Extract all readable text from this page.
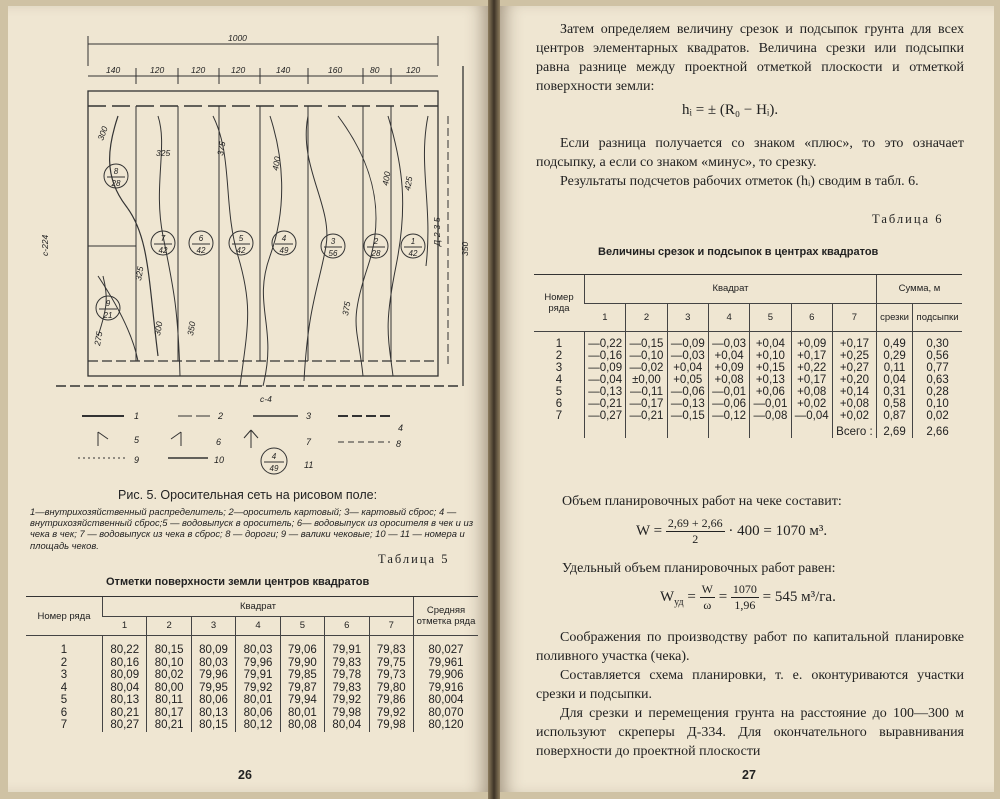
1000
140	120	120	120	140	160	80	120
350
c-224	Д-2-3-5
300
325	375
400
400 425
325
275
300 350
375
c-4
8
28
7
42
6
42
5
42
4
49
3
56
2
28
1
42
9
21
4
49
1	2	3
4
5	6	7	8
9	10	11
Рис. 5. Оросительная сеть на рисовом поле:
1—внутрихозяйственный распределитель; 2—ороситель картовый; 3— картовый сброс; 4 — внутрихозяйственный сброс;5 — водовыпуск в ороситель; 6— водовыпуск из оросителя в чек и из чека в чек; 7 — водовыпуск из чека в сброс; 8 — дороги; 9 — валики чековые; 10 — 11 — номера и площадь чеков.
Таблица 5
Отметки поверхности земли центров квадратов
Номер ряда	Квадрат							Средняя отметка ряда
	1	2	3	4	5	6	7	
1	80,22	80,15	80,09	80,03	79,06	79,91	79,83	80,027
2	80,16	80,10	80,03	79,96	79,90	79,83	79,75	79,961
3	80,09	80,02	79,96	79,91	79,85	79,78	79,73	79,906
4	80,04	80,00	79,95	79,92	79,87	79,83	79,80	79,916
5	80,13	80,11	80,06	80,01	79,94	79,92	79,86	80,004
6	80,21	80,17	80,13	80,06	80,01	79,98	79,92	80,070
7	80,27	80,21	80,15	80,12	80,08	80,04	79,98	80,120
26
Затем определяем величину срезок и подсыпок грунта для всех центров элементарных квадратов. Величина срезки или подсыпки равна разнице между проектной отметкой плоскости и отметкой поверхности земли:
hᵢ = ± (R₀ − Hᵢ).
Если разница получается со знаком «плюс», то это означает подсыпку, а если со знаком «минус», то срезку.
Результаты подсчетов рабочих отметок (hᵢ) сводим в табл. 6.
Таблица 6
Величины срезок и подсыпок в центрах квадратов
Номер ряда	Квадрат							Сумма, м	
	1	2	3	4	5	6	7	срезки	подсыпки
1	—0,22	—0,15	—0,09	—0,03	+0,04	+0,09	+0,17	0,49	0,30
2	—0,16	—0,10	—0,03	+0,04	+0,10	+0,17	+0,25	0,29	0,56
3	—0,09	—0,02	+0,04	+0,09	+0,15	+0,22	+0,27	0,11	0,77
4	—0,04	±0,00	+0,05	+0,08	+0,13	+0,17	+0,20	0,04	0,63
5	—0,13	—0,11	—0,06	—0,01	+0,06	+0,08	+0,14	0,31	0,28
6	—0,21	—0,17	—0,13	—0,06	—0,01	+0,02	+0,08	0,58	0,10
7	—0,27	—0,21	—0,15	—0,12	—0,08	—0,04	+0,02	0,87	0,02
							Всего :	2,69	2,66
Объем планировочных работ на чеке составит:
$W = \frac{2,69 + 2,66}{2} \cdot 400 = 1070$ м³.
Удельный объем планировочных работ равен:
$W_{уд} = \frac{W}{\omega} = \frac{1070}{1,96} = 545$ м³/га.
Соображения по производству работ по капитальной планировке поливного участка (чека).
Составляется схема планировки, т. е. оконтуриваются участки срезки и подсыпки.
Для срезки и перемещения грунта на расстояние до 100—300 м используют скреперы Д-334. Для окончательного выравнивания поверхности до проектной плоскости
27
